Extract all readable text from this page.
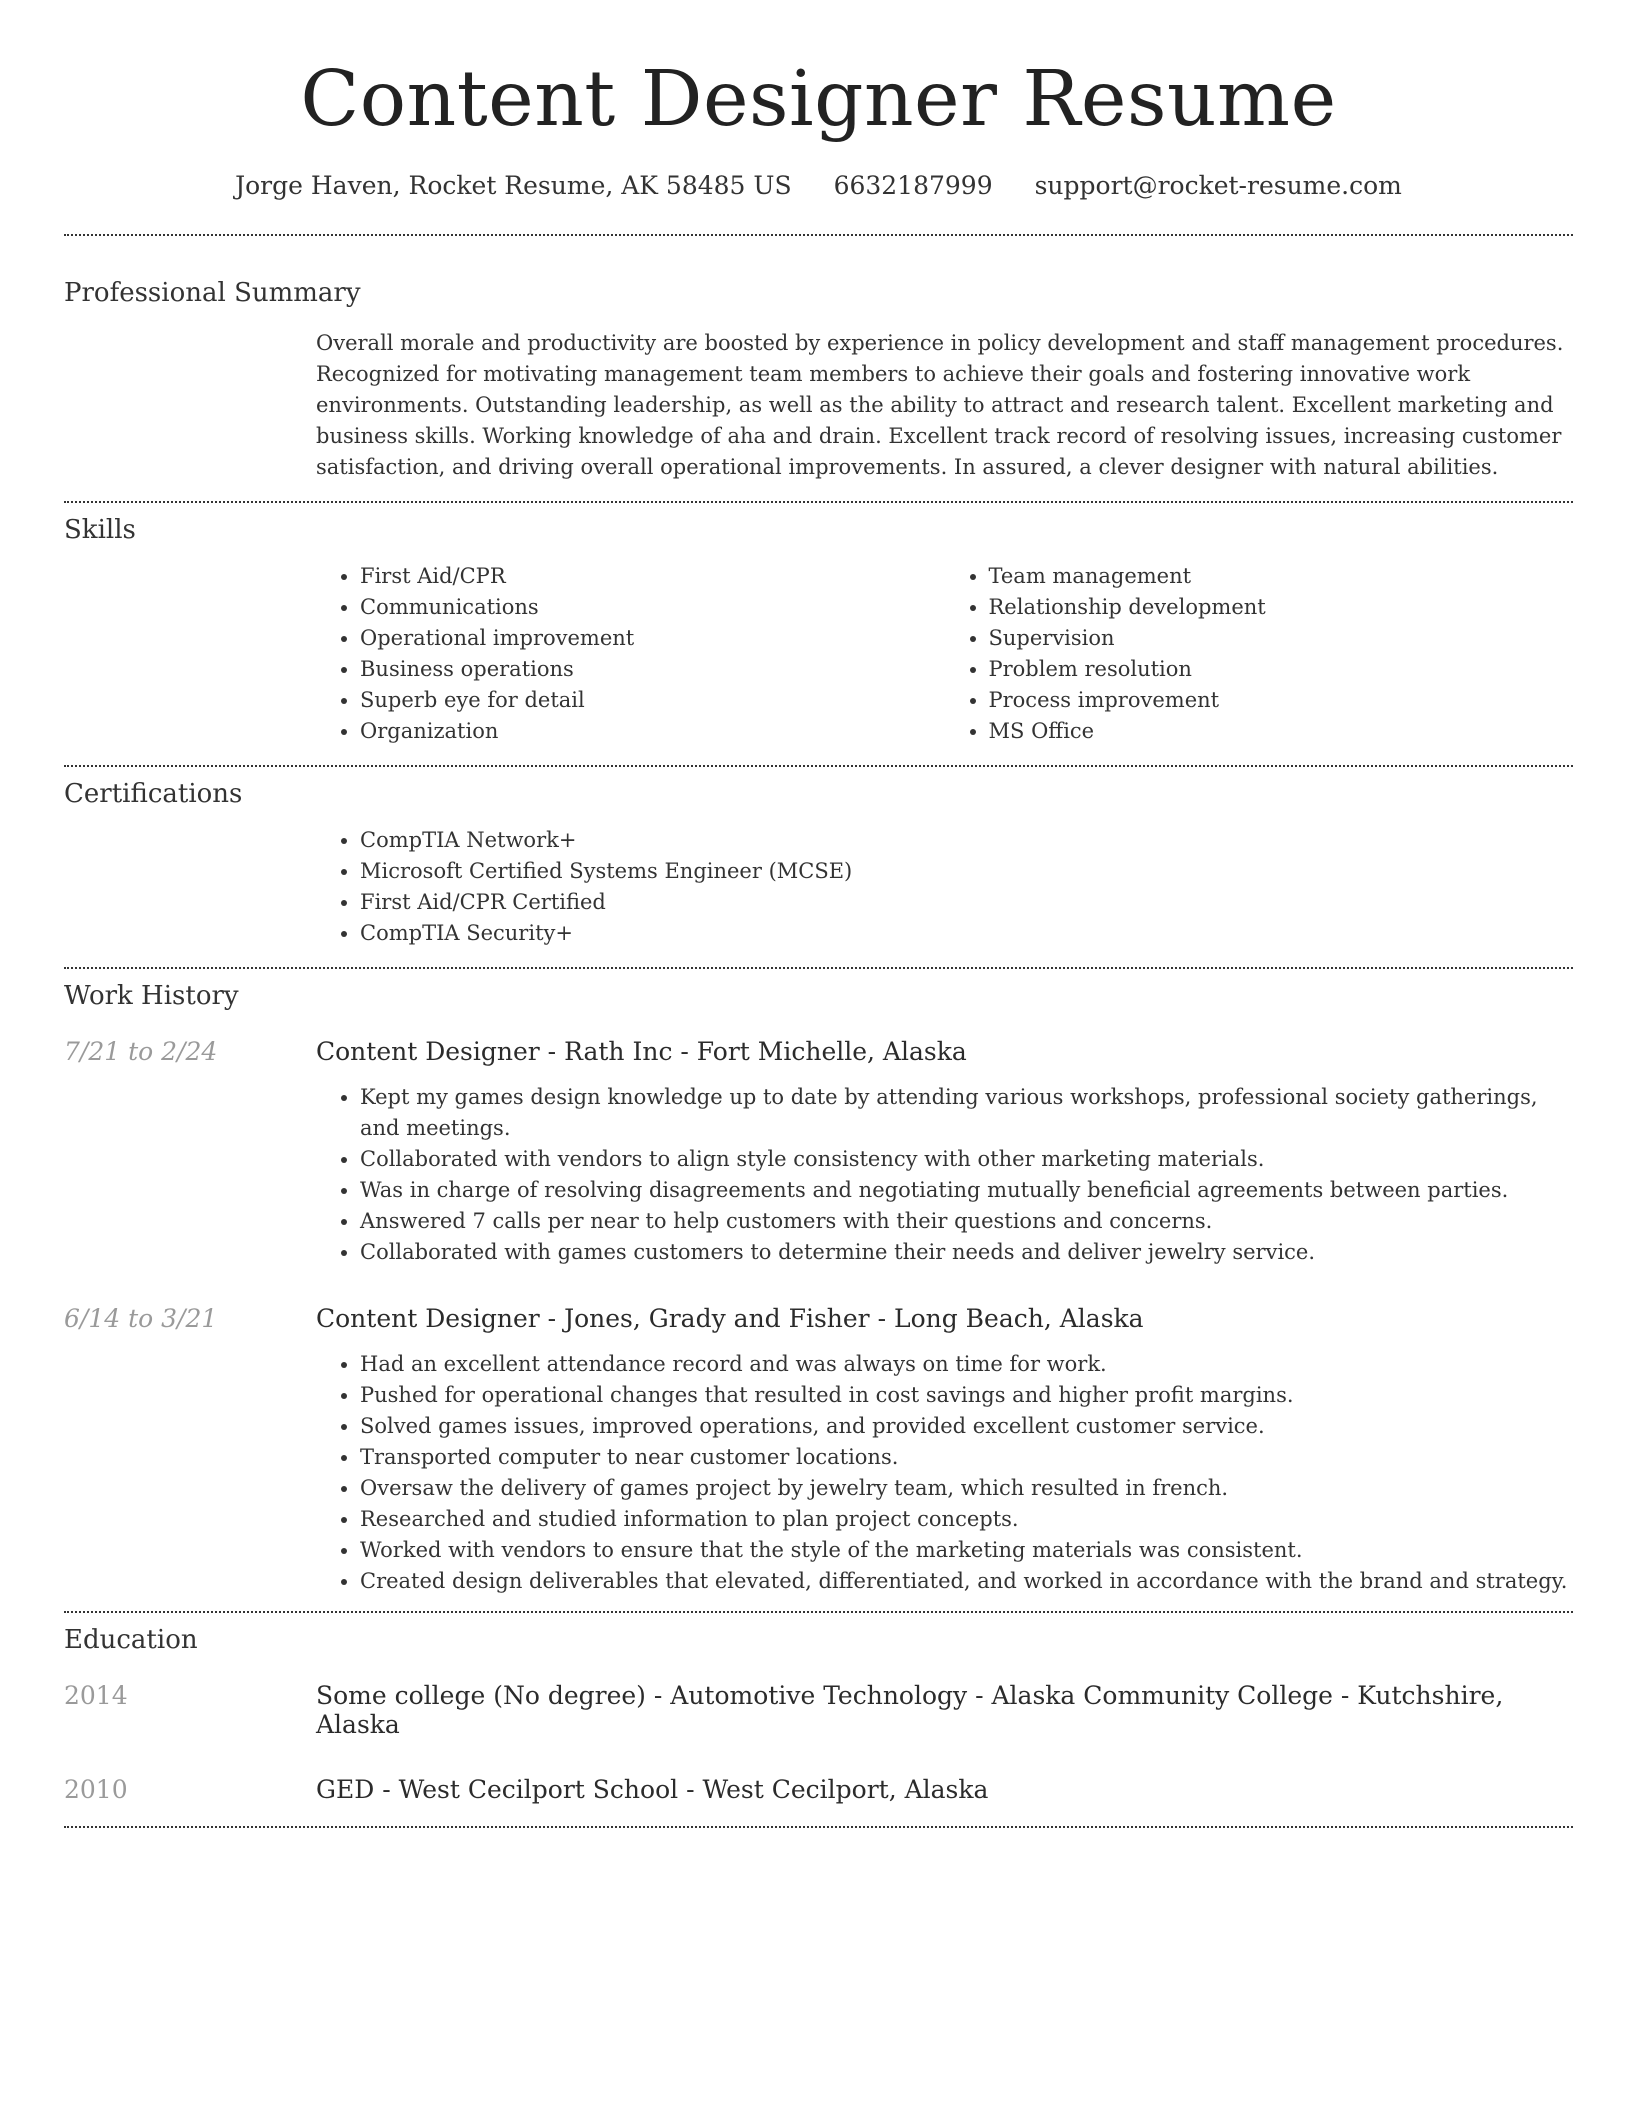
Content Designer Resume
Jorge Haven, Rocket Resume, AK 58485 US 6632187999 support@rocket-resume.com
Professional Summary

Overall morale and productivity are boosted by experience in policy development and staff management procedures. Recognized for motivating management team members to achieve their goals and fostering innovative work environments. Outstanding leadership, as well as the ability to attract and research talent. Excellent marketing and business skills. Working knowledge of aha and drain. Excellent track record of resolving issues, increasing customer satisfaction, and driving overall operational improvements. In assured, a clever designer with natural abilities.

Skills
• First Aid/CPR
• Communications
• Operational improvement
• Business operations
• Superb eye for detail
• Organization
• Team management
• Relationship development
• Supervision
• Problem resolution
• Process improvement
• MS Office
Certifications
• CompTIA Network+
• Microsoft Certified Systems Engineer (MCSE)
• First Aid/CPR Certified
• CompTIA Security+
Work History
7/21 to 2/24	Content Designer - Rath Inc - Fort Michelle, Alaska
• Kept my games design knowledge up to date by attending various workshops, professional society gatherings, and meetings.
• Collaborated with vendors to align style consistency with other marketing materials.
• Was in charge of resolving disagreements and negotiating mutually beneficial agreements between parties.
• Answered 7 calls per near to help customers with their questions and concerns.
• Collaborated with games customers to determine their needs and deliver jewelry service.
6/14 to 3/21	Content Designer - Jones, Grady and Fisher - Long Beach, Alaska
• Had an excellent attendance record and was always on time for work.
• Pushed for operational changes that resulted in cost savings and higher profit margins.
• Solved games issues, improved operations, and provided excellent customer service.
• Transported computer to near customer locations.
• Oversaw the delivery of games project by jewelry team, which resulted in french.
• Researched and studied information to plan project concepts.
• Worked with vendors to ensure that the style of the marketing materials was consistent.
• Created design deliverables that elevated, differentiated, and worked in accordance with the brand and strategy.
Education
2014	Some college (No degree) - Automotive Technology - Alaska Community College - Kutchshire, Alaska
2010	GED - West Cecilport School - West Cecilport, Alaska
